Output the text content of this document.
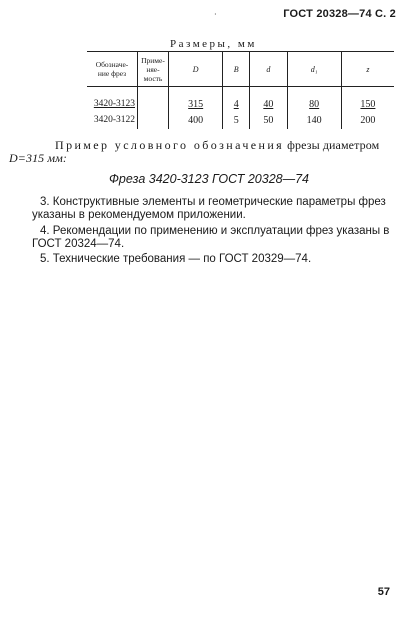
·	ГОСТ 20328—74 С. 2
Размеры, мм
Обозначе-
ние фрез	Приме-
няе-
мость	D	B	d	d₁	z
3420-3123		315	4	40	80	150
3420-3122		400	5	50	140	200
Пример условного обозначения фрезы диаметром
D=315 мм:
Фреза 3420-3123 ГОСТ 20328—74
3. Конструктивные элементы и геометрические параметры фрез указаны в рекомендуемом приложении.
4. Рекомендации по применению и эксплуатации фрез указаны в ГОСТ 20324—74.
5. Технические требования — по ГОСТ 20329—74.
57
